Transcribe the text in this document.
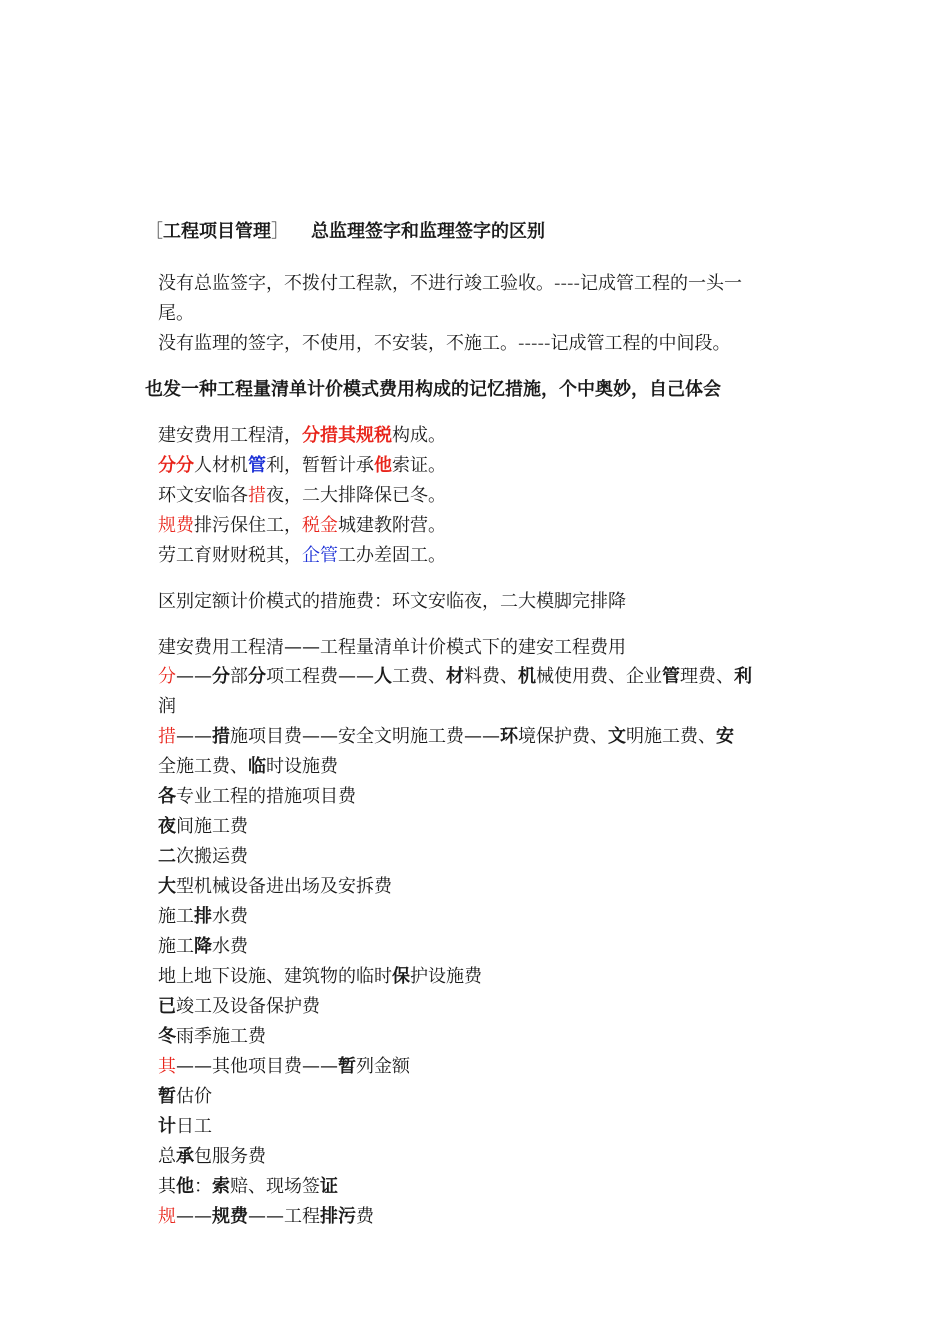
［工程项目管理］ 总监理签字和监理签字的区别
没有总监签字，不拨付工程款，不进行竣工验收。----记成管工程的一头一
尾。
没有监理的签字，不使用，不安装，不施工。-----记成管工程的中间段。
也发一种工程量清单计价模式费用构成的记忆措施，个中奥妙，自己体会
建安费用工程清，分措其规税构成。
分分人材机管利，暂暂计承他索证。
环文安临各措夜，二大排降保已冬。
规费排污保住工，税金城建教附营。
劳工育财财税其，企管工办差固工。
区别定额计价模式的措施费：环文安临夜，二大模脚完排降
建安费用工程清——工程量清单计价模式下的建安工程费用
分——分部分项工程费——人工费、材料费、机械使用费、企业管理费、利
润
措——措施项目费——安全文明施工费——环境保护费、文明施工费、安
全施工费、临时设施费
各专业工程的措施项目费
夜间施工费
二次搬运费
大型机械设备进出场及安拆费
施工排水费
施工降水费
地上地下设施、建筑物的临时保护设施费
已竣工及设备保护费
冬雨季施工费
其——其他项目费——暂列金额
暂估价
计日工
总承包服务费
其他：索赔、现场签证
规——规费——工程排污费
